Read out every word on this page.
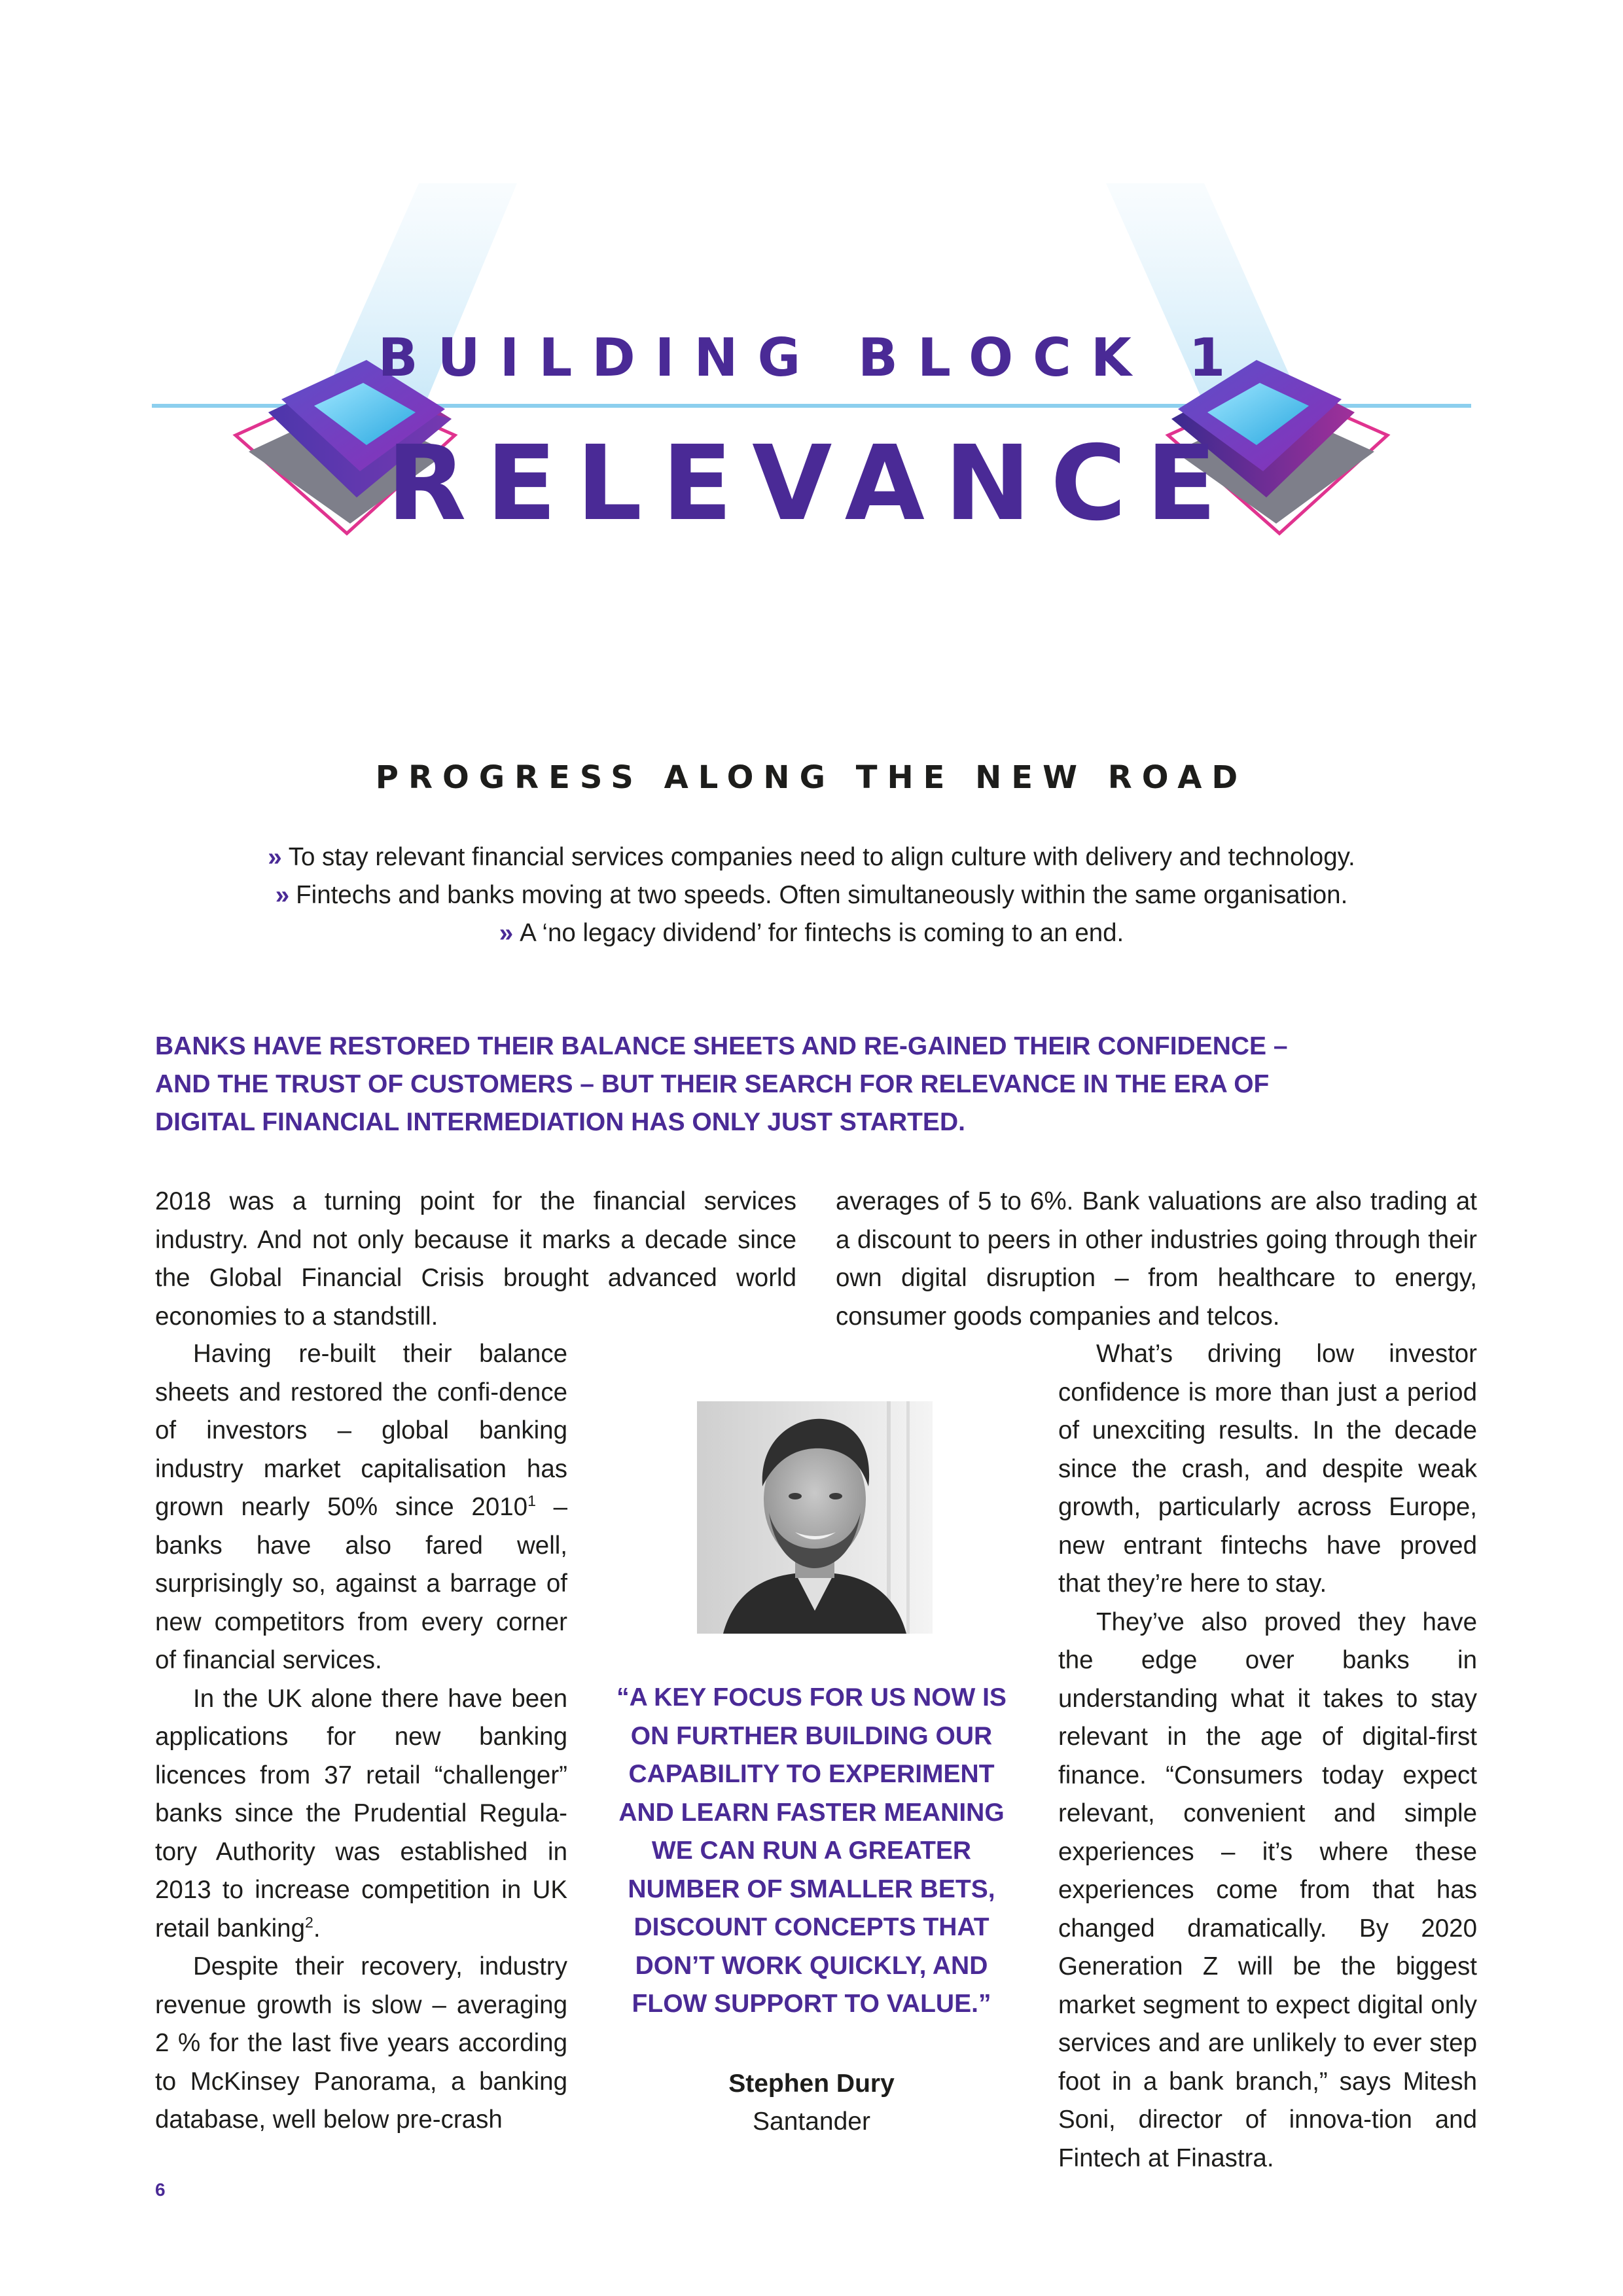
BUILDING BLOCK 1
RELEVANCE
PROGRESS ALONG THE NEW ROAD
» To stay relevant financial services companies need to align culture with delivery and technology.
» Fintechs and banks moving at two speeds. Often simultaneously within the same organisation.
» A ‘no legacy dividend’ for fintechs is coming to an end.
BANKS HAVE RESTORED THEIR BALANCE SHEETS AND RE-GAINED THEIR CONFIDENCE –
AND THE TRUST OF CUSTOMERS – BUT THEIR SEARCH FOR RELEVANCE IN THE ERA OF
DIGITAL FINANCIAL INTERMEDIATION HAS ONLY JUST STARTED.

2018 was a turning point for the financial services industry. And not only because it marks a decade since the Global Financial Crisis brought advanced world economies to a standstill.

averages of 5 to 6%. Bank valuations are also trading at a discount to peers in other industries going through their own digital disruption – from healthcare to energy, consumer goods companies and telcos.

Having re-built their balance sheets and restored the confi-dence of investors – global banking industry market capitalisation has grown nearly 50% since 2010$^1$ – banks have also fared well, surprisingly so, against a barrage of new competitors from every corner of financial services.

In the UK alone there have been applications for new banking licences from 37 retail “challenger” banks since the Prudential Regula-tory Authority was established in 2013 to increase competition in UK retail banking$^2$.

Despite their recovery, industry revenue growth is slow – averaging 2 % for the last five years according to McKinsey Panorama, a banking database, well below pre-crash

What’s driving low investor confidence is more than just a period of unexciting results. In the decade since the crash, and despite weak growth, particularly across Europe, new entrant fintechs have proved that they’re here to stay.

They’ve also proved they have the edge over banks in understanding what it takes to stay relevant in the age of digital-first finance. “Consumers today expect relevant, convenient and simple experiences – it’s where these experiences come from that has changed dramatically. By 2020 Generation Z will be the biggest market segment to expect digital only services and are unlikely to ever step foot in a bank branch,” says Mitesh Soni, director of innova-tion and Fintech at Finastra.

“A KEY FOCUS FOR US NOW IS ON FURTHER BUILDING OUR CAPABILITY TO EXPERIMENT AND LEARN FASTER MEANING WE CAN RUN A GREATER NUMBER OF SMALLER BETS, DISCOUNT CONCEPTS THAT DON’T WORK QUICKLY, AND FLOW SUPPORT TO VALUE.”
Stephen Dury
Santander
6
